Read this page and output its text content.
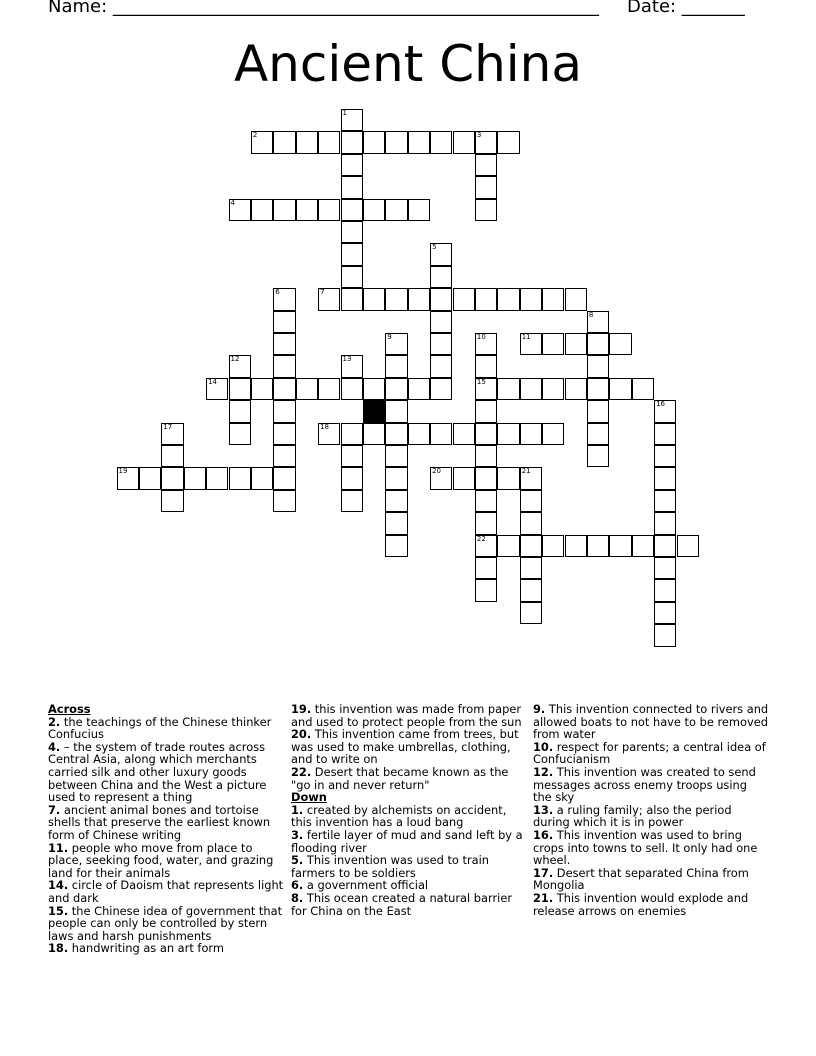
Name: ______________________________________________________ Date: _______
Ancient China
1
2	3
4
5
6	7
8
9	10
15
22
11
12	13
14
16
17	18
19	20	21
Across
2. the teachings of the Chinese thinker Confucius
4. – the system of trade routes across Central Asia, along which merchants carried silk and other luxury goods between China and the West a picture used to represent a thing
7. ancient animal bones and tortoise shells that preserve the earliest known form of Chinese writing
11. people who move from place to place, seeking food, water, and grazing land for their animals
14. circle of Daoism that represents light and dark
15. the Chinese idea of government that people can only be controlled by stern laws and harsh punishments
18. handwriting as an art form
19. this invention was made from paper and used to protect people from the sun
20. This invention came from trees, but was used to make umbrellas, clothing, and to write on
22. Desert that became known as the "go in and never return"
Down
1. created by alchemists on accident, this invention has a loud bang
3. fertile layer of mud and sand left by a flooding river
5. This invention was used to train farmers to be soldiers
6. a government official
8. This ocean created a natural barrier for China on the East
9. This invention connected to rivers and allowed boats to not have to be removed from water
10. respect for parents; a central idea of Confucianism
12. This invention was created to send messages across enemy troops using the sky
13. a ruling family; also the period during which it is in power
16. This invention was used to bring crops into towns to sell. It only had one wheel.
17. Desert that separated China from Mongolia
21. This invention would explode and release arrows on enemies
